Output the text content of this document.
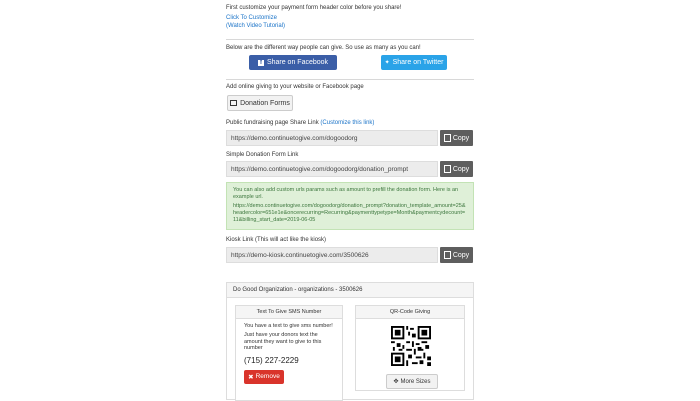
First customize your payment form header color before you share!
Click To Customize
(Watch Video Tutorial)
Below are the different way people can give. So use as many as you can!
f Share on Facebook	✦ Share on Twitter
Add online giving to your website or Facebook page
Donation Forms
Public fundraising page Share Link (Customize this link)
https://demo.continuetogive.com/dogoodorg	Copy
Simple Donation Form Link
https://demo.continuetogive.com/dogoodorg/donation_prompt	Copy
You can also add custom urls params such as amount to prefill the donation form. Here is an example url.
https://demo.continuetogive.com/dogoodorg/donation_prompt?donation_template_amount=25&headercolor=651e1e&oncerecurring=Recurring&paymenttypetype=Month&paymentcydecount=11&billing_start_date=2019-06-05
Kiosk Link (This will act like the kiosk)
https://demo-kiosk.continuetogive.com/3500626	Copy
Do Good Organization - organizations - 3500626
Text To Give SMS Number
You have a text to give sms number!
Just have your donors text the amount they want to give to this number
(715) 227-2229
✖ Remove
QR-Code Giving
✥ More Sizes
